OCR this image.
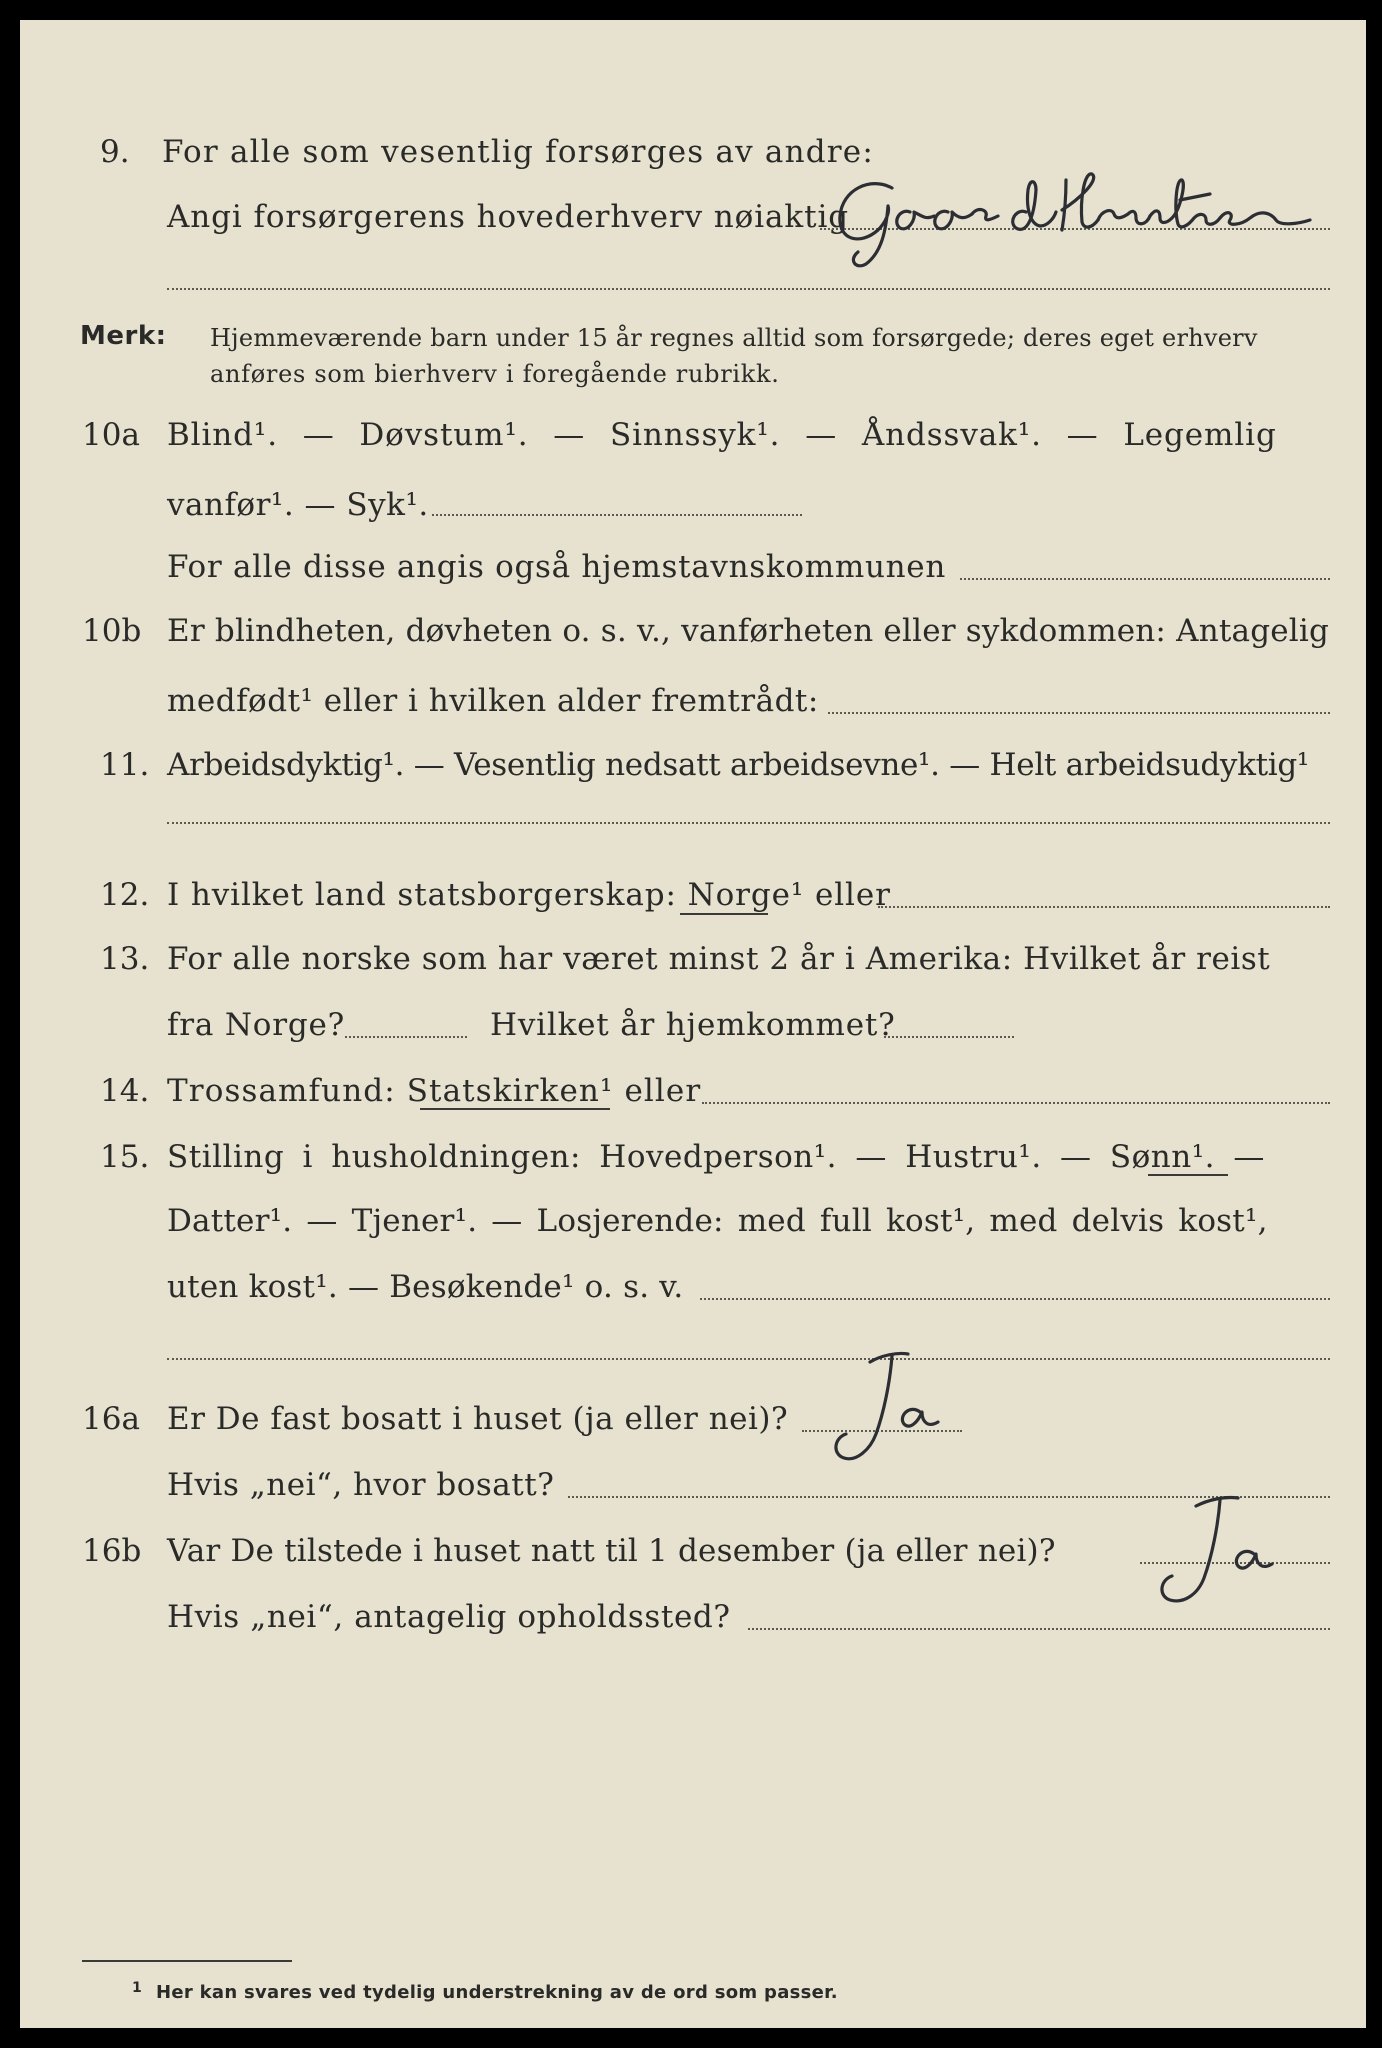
9. For alle som vesentlig forsørges av andre:
Angi forsørgerens hovederhverv nøiaktig
Merk: Hjemmeværende barn under 15 år regnes alltid som forsørgede; deres eget erhverv
anføres som bierhverv i foregående rubrikk.
10a Blind¹. — Døvstum¹. — Sinnssyk¹. — Åndssvak¹. — Legemlig
vanfør¹. — Syk¹.
For alle disse angis også hjemstavnskommunen
10b Er blindheten, døvheten o. s. v., vanførheten eller sykdommen: Antagelig
medfødt¹ eller i hvilken alder fremtrådt:
11. Arbeidsdyktig¹. — Vesentlig nedsatt arbeidsevne¹. — Helt arbeidsudyktig¹
12. I hvilket land statsborgerskap: Norge¹ eller
13. For alle norske som har været minst 2 år i Amerika: Hvilket år reist
fra Norge?	Hvilket år hjemkommet?
14. Trossamfund: Statskirken¹ eller
15. Stilling i husholdningen: Hovedperson¹. — Hustru¹. — Sønn¹. —
Datter¹. — Tjener¹. — Losjerende: med full kost¹, med delvis kost¹,
uten kost¹. — Besøkende¹ o. s. v.
16a Er De fast bosatt i huset (ja eller nei)?
Hvis „nei“, hvor bosatt?
16b Var De tilstede i huset natt til 1 desember (ja eller nei)?
Hvis „nei“, antagelig opholdssted?
1 Her kan svares ved tydelig understrekning av de ord som passer.
